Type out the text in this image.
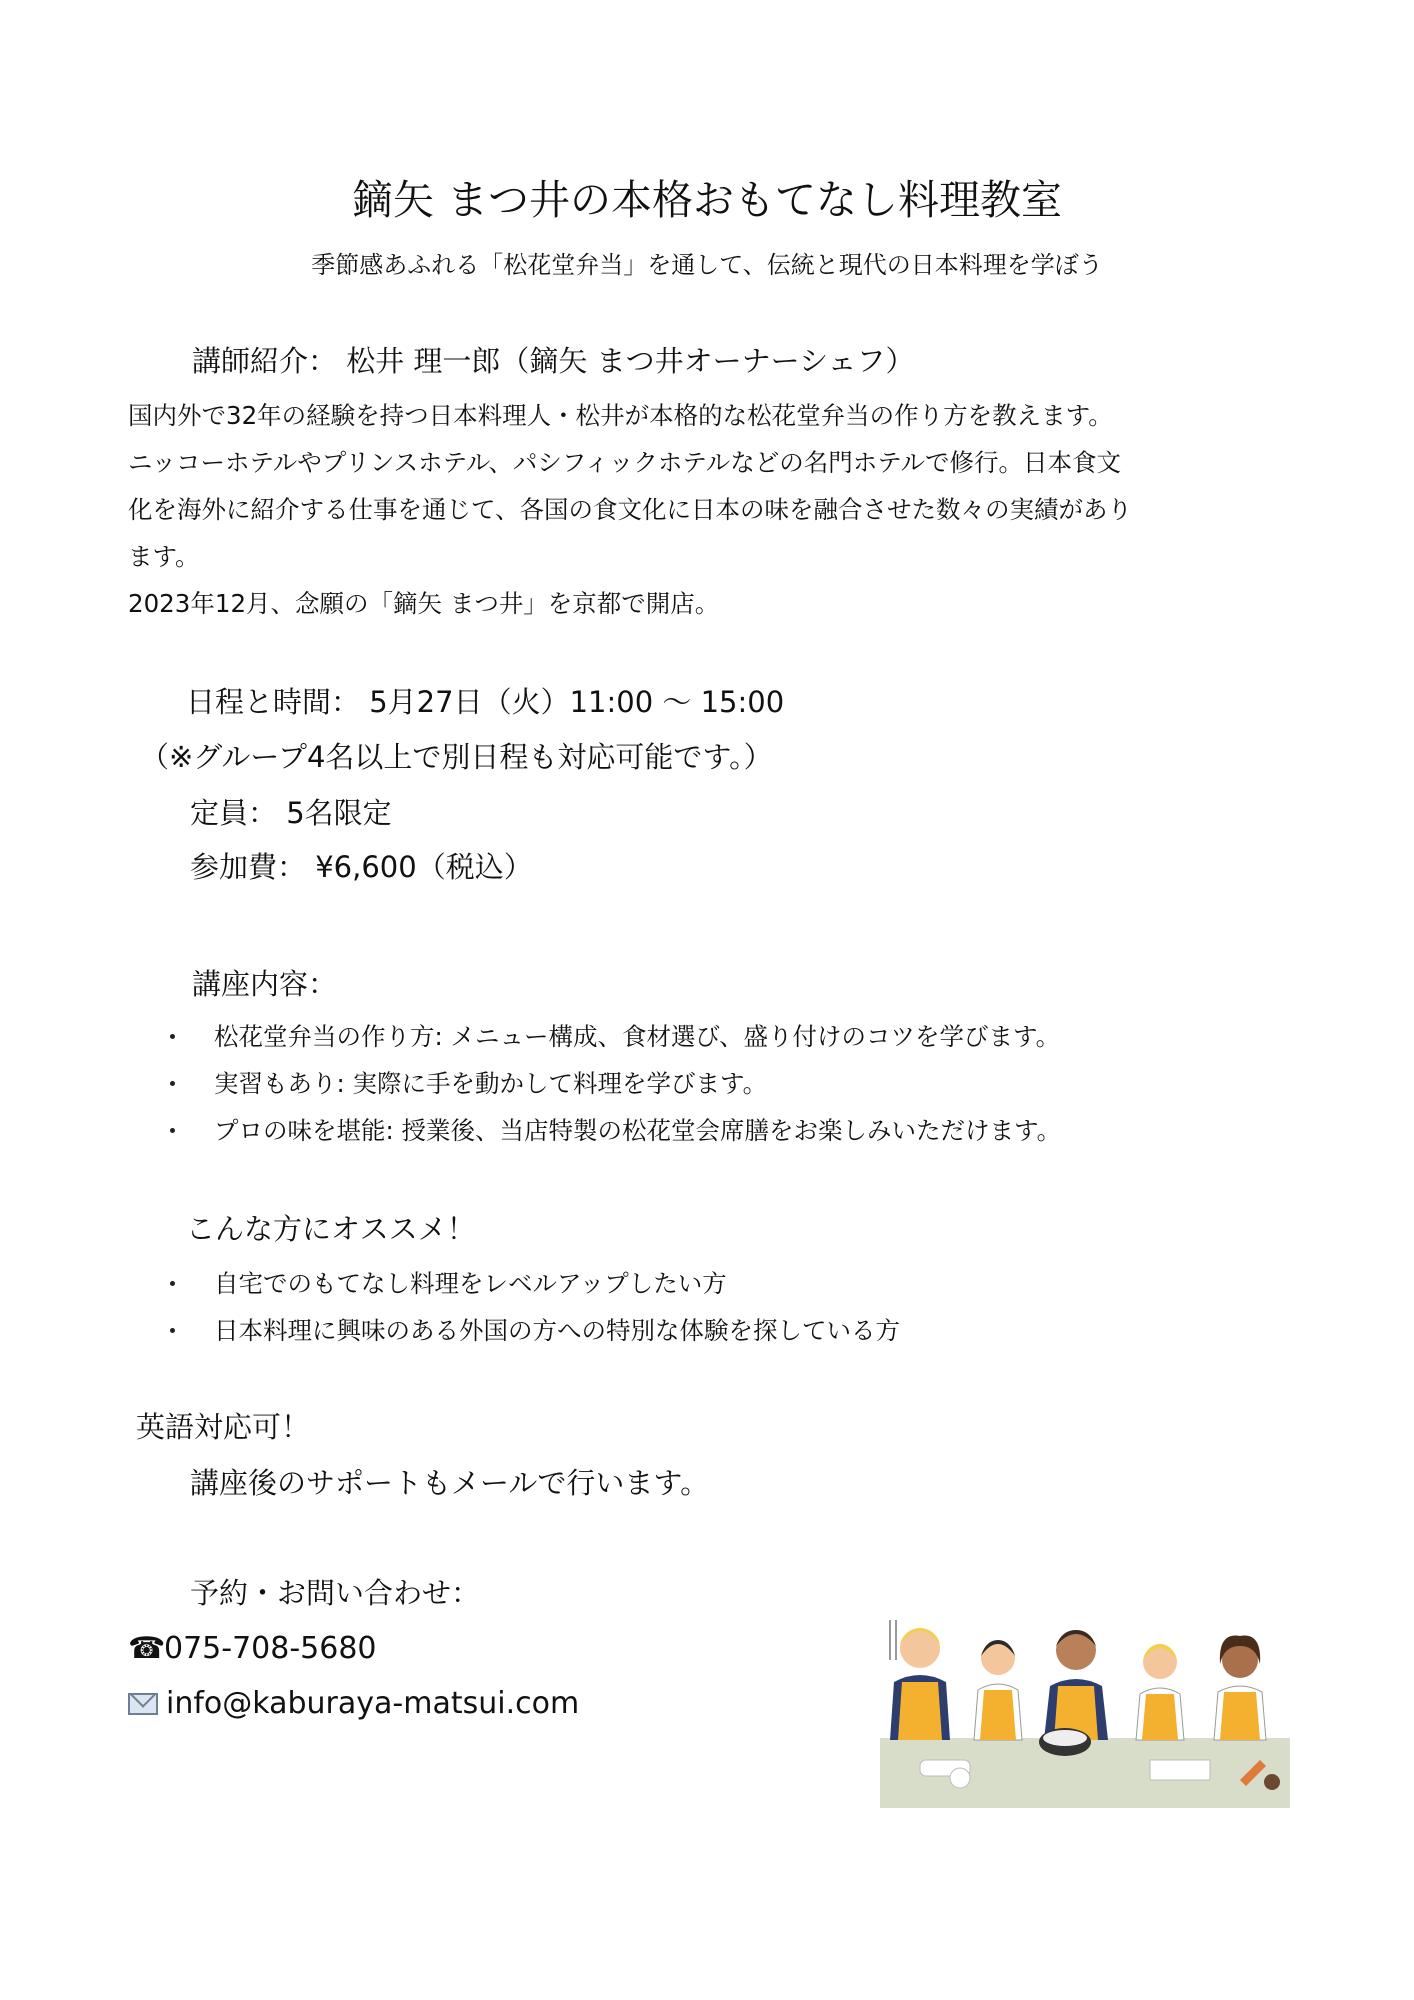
鏑矢 まつ井の本格おもてなし料理教室
季節感あふれる「松花堂弁当」を通して、伝統と現代の日本料理を学ぼう
講師紹介： 松井 理一郎（鏑矢 まつ井オーナーシェフ）
国内外で32年の経験を持つ日本料理人・松井が本格的な松花堂弁当の作り方を教えます。
ニッコーホテルやプリンスホテル、パシフィックホテルなどの名門ホテルで修行。日本食文
化を海外に紹介する仕事を通じて、各国の食文化に日本の味を融合させた数々の実績があり
ます。
2023年12月、念願の「鏑矢 まつ井」を京都で開店。
日程と時間： 5月27日（火）11:00 〜 15:00
（※グループ4名以上で別日程も対応可能です。）
定員： 5名限定
参加費： ¥6,600（税込）
講座内容：
松花堂弁当の作り方: メニュー構成、食材選び、盛り付けのコツを学びます。
実習もあり: 実際に手を動かして料理を学びます。
プロの味を堪能: 授業後、当店特製の松花堂会席膳をお楽しみいただけます。
こんな方にオススメ！
自宅でのもてなし料理をレベルアップしたい方
日本料理に興味のある外国の方への特別な体験を探している方
英語対応可！
講座後のサポートもメールで行います。
予約・お問い合わせ：
☎075-708-5680
info@kaburaya-matsui.com
